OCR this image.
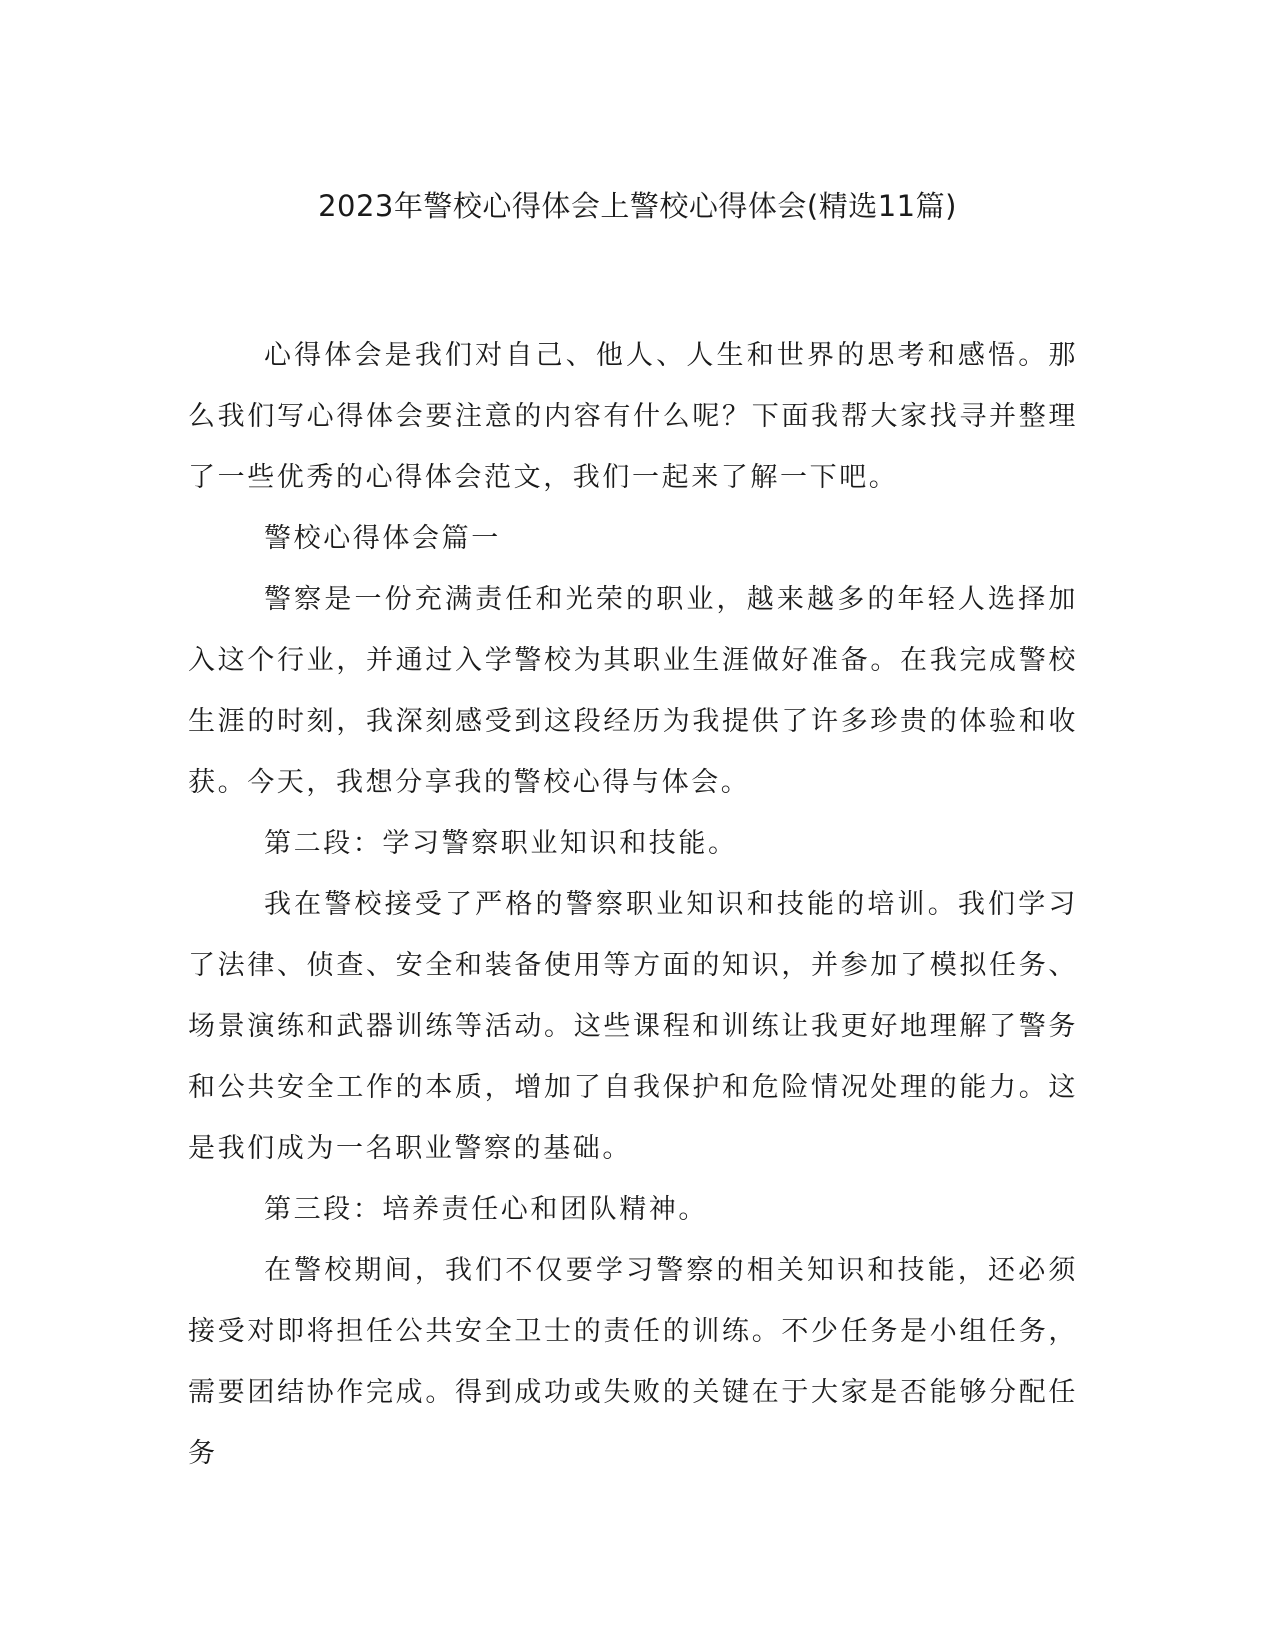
2023年警校心得体会上警校心得体会(精选11篇)

心得体会是我们对自己、他人、人生和世界的思考和感悟。那么我们写心得体会要注意的内容有什么呢？下面我帮大家找寻并整理了一些优秀的心得体会范文，我们一起来了解一下吧。

警校心得体会篇一

警察是一份充满责任和光荣的职业，越来越多的年轻人选择加入这个行业，并通过入学警校为其职业生涯做好准备。在我完成警校生涯的时刻，我深刻感受到这段经历为我提供了许多珍贵的体验和收获。今天，我想分享我的警校心得与体会。

第二段：学习警察职业知识和技能。

我在警校接受了严格的警察职业知识和技能的培训。我们学习了法律、侦查、安全和装备使用等方面的知识，并参加了模拟任务、场景演练和武器训练等活动。这些课程和训练让我更好地理解了警务和公共安全工作的本质，增加了自我保护和危险情况处理的能力。这是我们成为一名职业警察的基础。

第三段：培养责任心和团队精神。

在警校期间，我们不仅要学习警察的相关知识和技能，还必须接受对即将担任公共安全卫士的责任的训练。不少任务是小组任务，需要团结协作完成。得到成功或失败的关键在于大家是否能够分配任务
